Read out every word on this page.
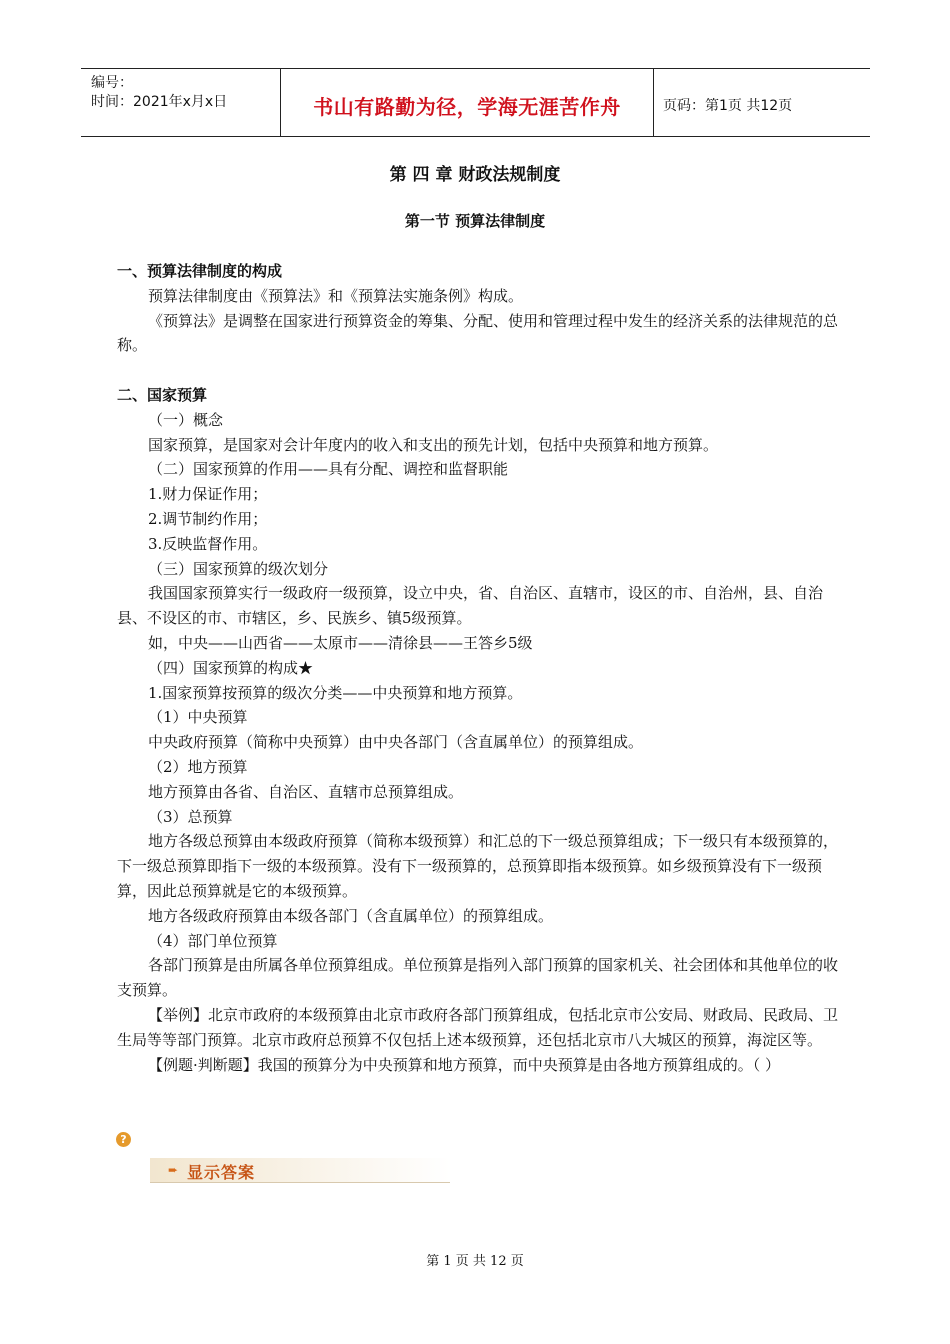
编号：
时间：2021年x月x日	书山有路勤为径，学海无涯苦作舟	页码：第1页 共12页
第 四 章 财政法规制度
第一节 预算法律制度

一、预算法律制度的构成

预算法律制度由《预算法》和《预算法实施条例》构成。

《预算法》是调整在国家进行预算资金的筹集、分配、使用和管理过程中发生的经济关系的法律规范的总称。

二、国家预算

（一）概念

国家预算，是国家对会计年度内的收入和支出的预先计划，包括中央预算和地方预算。

（二）国家预算的作用——具有分配、调控和监督职能

1.财力保证作用；

2.调节制约作用；

3.反映监督作用。

（三）国家预算的级次划分

我国国家预算实行一级政府一级预算，设立中央，省、自治区、直辖市，设区的市、自治州，县、自治县、不设区的市、市辖区，乡、民族乡、镇5级预算。

如，中央——山西省——太原市——清徐县——王答乡5级

（四）国家预算的构成★

1.国家预算按预算的级次分类——中央预算和地方预算。

（1）中央预算

中央政府预算（简称中央预算）由中央各部门（含直属单位）的预算组成。

（2）地方预算

地方预算由各省、自治区、直辖市总预算组成。

（3）总预算

地方各级总预算由本级政府预算（简称本级预算）和汇总的下一级总预算组成；下一级只有本级预算的，下一级总预算即指下一级的本级预算。没有下一级预算的，总预算即指本级预算。如乡级预算没有下一级预算，因此总预算就是它的本级预算。

地方各级政府预算由本级各部门（含直属单位）的预算组成。

（4）部门单位预算

各部门预算是由所属各单位预算组成。单位预算是指列入部门预算的国家机关、社会团体和其他单位的收支预算。

【举例】北京市政府的本级预算由北京市政府各部门预算组成，包括北京市公安局、财政局、民政局、卫生局等等部门预算。北京市政府总预算不仅包括上述本级预算，还包括北京市八大城区的预算，海淀区等。

【例题·判断题】我国的预算分为中央预算和地方预算，而中央预算是由各地方预算组成的。（ ）

?
➨ 显示答案
第 1 页 共 12 页
